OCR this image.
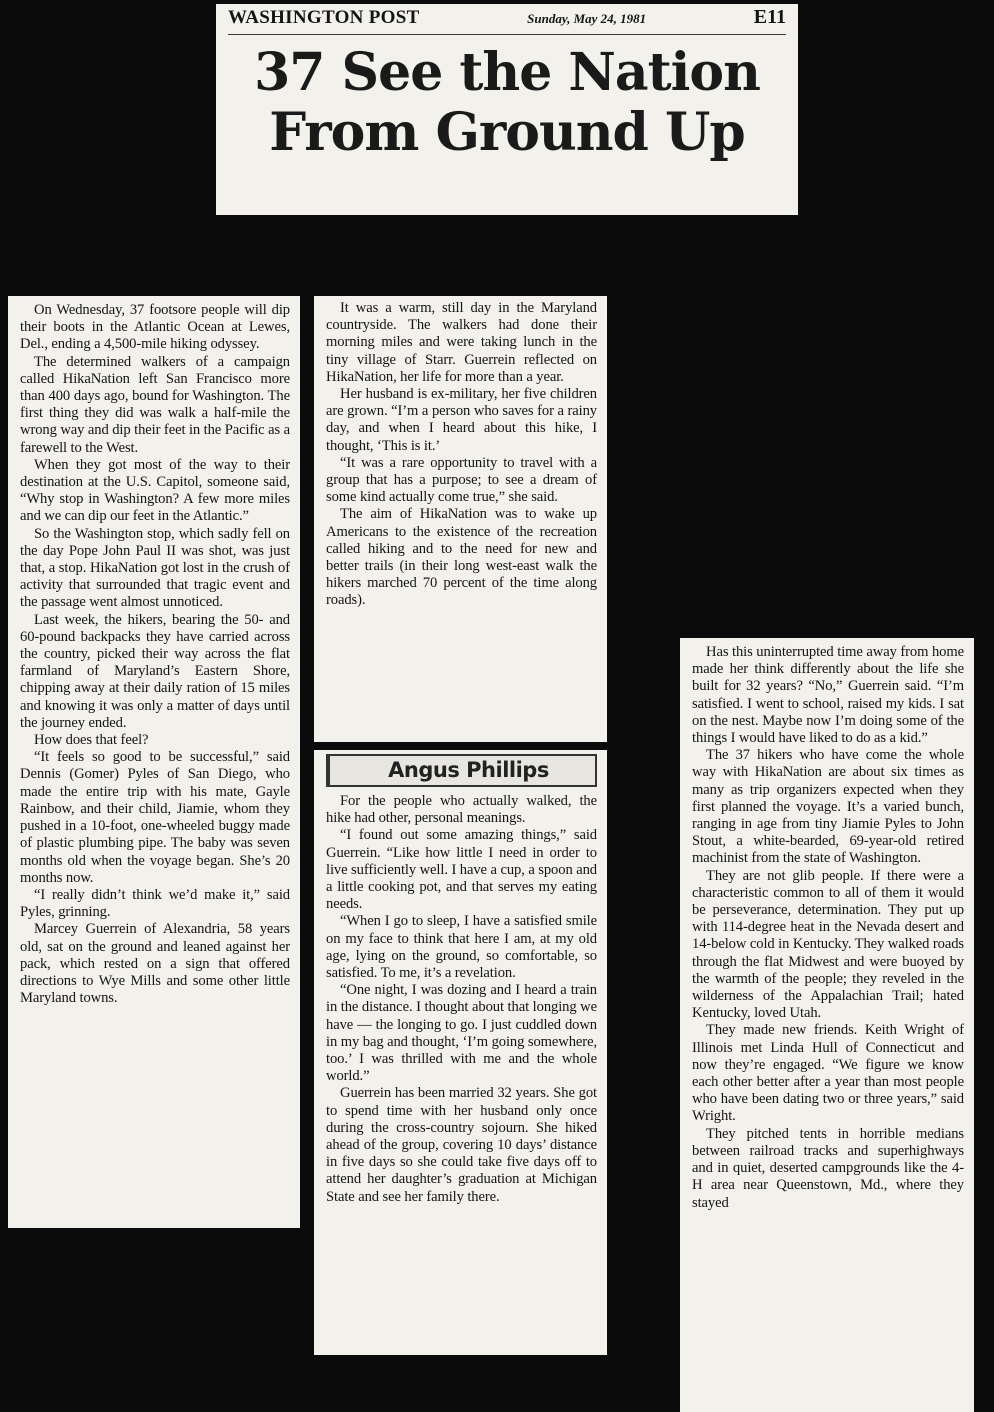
WASHINGTON POST	Sunday, May 24, 1981	E11
37 See the Nation
From Ground Up

On Wednesday, 37 footsore people will dip their boots in the Atlantic Ocean at Lewes, Del., ending a 4,500-mile hiking odyssey.

The determined walkers of a campaign called HikaNation left San Francisco more than 400 days ago, bound for Washington. The first thing they did was walk a half-mile the wrong way and dip their feet in the Pacific as a farewell to the West.

When they got most of the way to their destination at the U.S. Capitol, someone said, “Why stop in Washington? A few more miles and we can dip our feet in the Atlantic.”

So the Washington stop, which sadly fell on the day Pope John Paul II was shot, was just that, a stop. HikaNation got lost in the crush of activity that surrounded that tragic event and the passage went almost unnoticed.

Last week, the hikers, bearing the 50- and 60-pound backpacks they have carried across the country, picked their way across the flat farmland of Maryland’s Eastern Shore, chipping away at their daily ration of 15 miles and knowing it was only a matter of days until the journey ended.

How does that feel?

“It feels so good to be successful,” said Dennis (Gomer) Pyles of San Diego, who made the entire trip with his mate, Gayle Rainbow, and their child, Jiamie, whom they pushed in a 10-foot, one-wheeled buggy made of plastic plumbing pipe. The baby was seven months old when the voyage began. She’s 20 months now.

“I really didn’t think we’d make it,” said Pyles, grinning.

Marcey Guerrein of Alexandria, 58 years old, sat on the ground and leaned against her pack, which rested on a sign that offered directions to Wye Mills and some other little Maryland towns.

It was a warm, still day in the Maryland countryside. The walkers had done their morning miles and were taking lunch in the tiny village of Starr. Guerrein reflected on HikaNation, her life for more than a year.

Her husband is ex-military, her five children are grown. “I’m a person who saves for a rainy day, and when I heard about this hike, I thought, ‘This is it.’

“It was a rare opportunity to travel with a group that has a purpose; to see a dream of some kind actually come true,” she said.

The aim of HikaNation was to wake up Americans to the existence of the recreation called hiking and to the need for new and better trails (in their long west-east walk the hikers marched 70 percent of the time along roads).

Angus Phillips

For the people who actually walked, the hike had other, personal meanings.

“I found out some amazing things,” said Guerrein. “Like how little I need in order to live sufficiently well. I have a cup, a spoon and a little cooking pot, and that serves my eating needs.

“When I go to sleep, I have a satisfied smile on my face to think that here I am, at my old age, lying on the ground, so comfortable, so satisfied. To me, it’s a revelation.

“One night, I was dozing and I heard a train in the distance. I thought about that longing we have — the longing to go. I just cuddled down in my bag and thought, ‘I’m going somewhere, too.’ I was thrilled with me and the whole world.”

Guerrein has been married 32 years. She got to spend time with her husband only once during the cross-country sojourn. She hiked ahead of the group, covering 10 days’ distance in five days so she could take five days off to attend her daughter’s graduation at Michigan State and see her family there.

Has this uninterrupted time away from home made her think differently about the life she built for 32 years? “No,” Guerrein said. “I’m satisfied. I went to school, raised my kids. I sat on the nest. Maybe now I’m doing some of the things I would have liked to do as a kid.”

The 37 hikers who have come the whole way with HikaNation are about six times as many as trip organizers expected when they first planned the voyage. It’s a varied bunch, ranging in age from tiny Jiamie Pyles to John Stout, a white-bearded, 69-year-old retired machinist from the state of Washington.

They are not glib people. If there were a characteristic common to all of them it would be perseverance, determination. They put up with 114-degree heat in the Nevada desert and 14-below cold in Kentucky. They walked roads through the flat Midwest and were buoyed by the warmth of the people; they reveled in the wilderness of the Appalachian Trail; hated Kentucky, loved Utah.

They made new friends. Keith Wright of Illinois met Linda Hull of Connecticut and now they’re engaged. “We figure we know each other better after a year than most people who have been dating two or three years,” said Wright.

They pitched tents in horrible medians between railroad tracks and superhighways and in quiet, deserted campgrounds like the 4-H area near Queenstown, Md., where they stayed
